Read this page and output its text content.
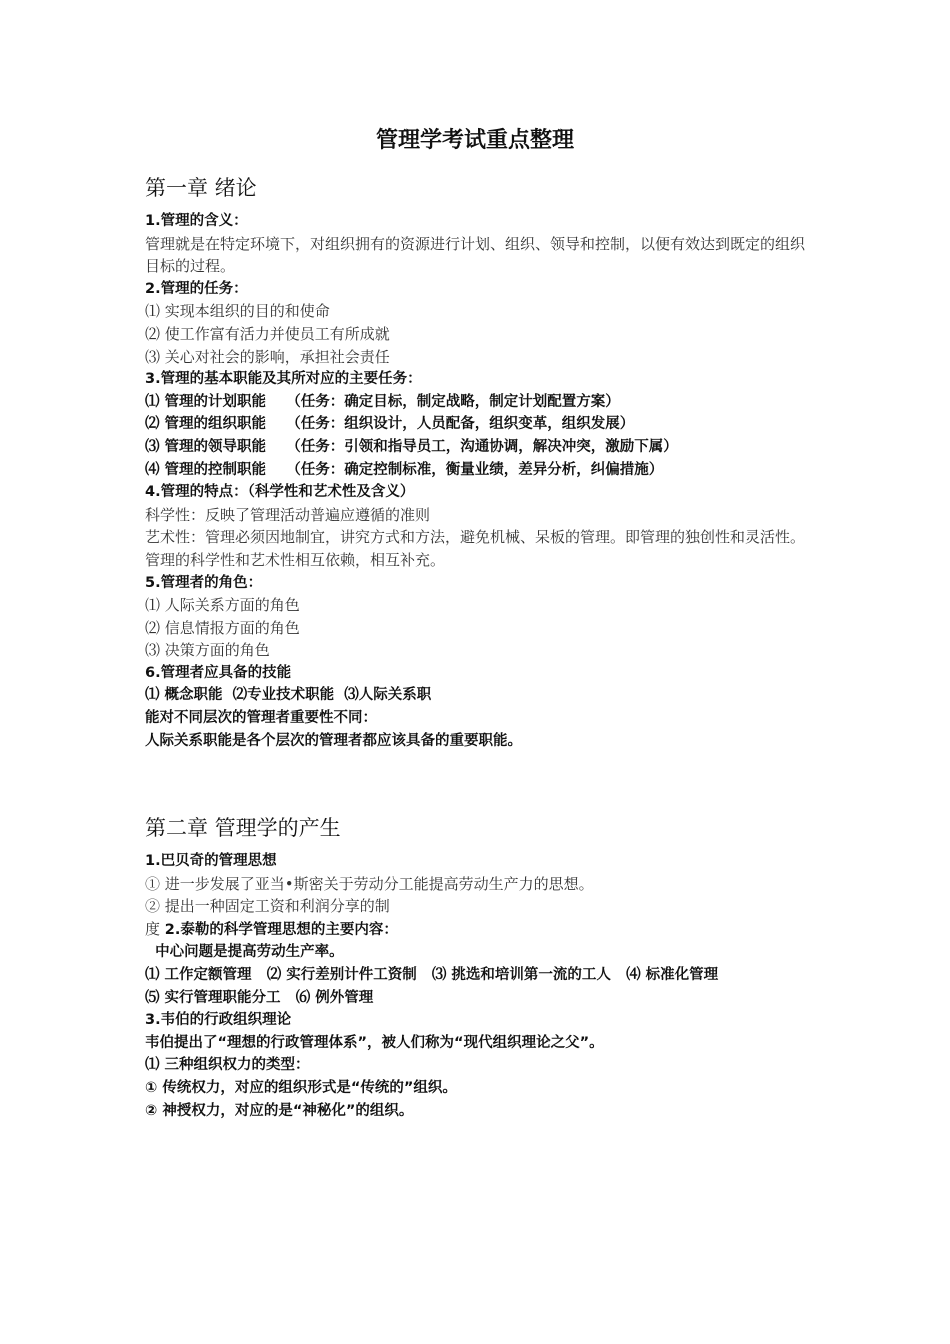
管理学考试重点整理
第一章 绪论
1.管理的含义：
管理就是在特定环境下，对组织拥有的资源进行计划、组织、领导和控制，以便有效达到既定的组织目标的过程。
2.管理的任务：
⑴ 实现本组织的目的和使命
⑵ 使工作富有活力并使员工有所成就
⑶ 关心对社会的影响，承担社会责任
3.管理的基本职能及其所对应的主要任务：
⑴ 管理的计划职能    （任务：确定目标，制定战略，制定计划配置方案）
⑵ 管理的组织职能    （任务：组织设计，人员配备，组织变革，组织发展）
⑶ 管理的领导职能    （任务：引领和指导员工，沟通协调，解决冲突，激励下属）
⑷ 管理的控制职能    （任务：确定控制标准，衡量业绩，差异分析，纠偏措施）
4.管理的特点：（科学性和艺术性及含义）
科学性：反映了管理活动普遍应遵循的准则
艺术性：管理必须因地制宜，讲究方式和方法，避免机械、呆板的管理。即管理的独创性和灵活性。
管理的科学性和艺术性相互依赖，相互补充。
5.管理者的角色：
⑴ 人际关系方面的角色
⑵ 信息情报方面的角色
⑶ 决策方面的角色
6.管理者应具备的技能
⑴ 概念职能  ⑵专业技术职能  ⑶人际关系职
能对不同层次的管理者重要性不同：
人际关系职能是各个层次的管理者都应该具备的重要职能。
第二章 管理学的产生
1.巴贝奇的管理思想
① 进一步发展了亚当•斯密关于劳动分工能提高劳动生产力的思想。
② 提出一种固定工资和利润分享的制
度 2.泰勒的科学管理思想的主要内容：
中心问题是提高劳动生产率。
⑴ 工作定额管理   ⑵ 实行差别计件工资制   ⑶ 挑选和培训第一流的工人   ⑷ 标准化管理
⑸ 实行管理职能分工   ⑹ 例外管理
3.韦伯的行政组织理论
韦伯提出了“理想的行政管理体系”，被人们称为“现代组织理论之父”。
⑴ 三种组织权力的类型：
① 传统权力，对应的组织形式是“传统的”组织。
② 神授权力，对应的是“神秘化”的组织。
